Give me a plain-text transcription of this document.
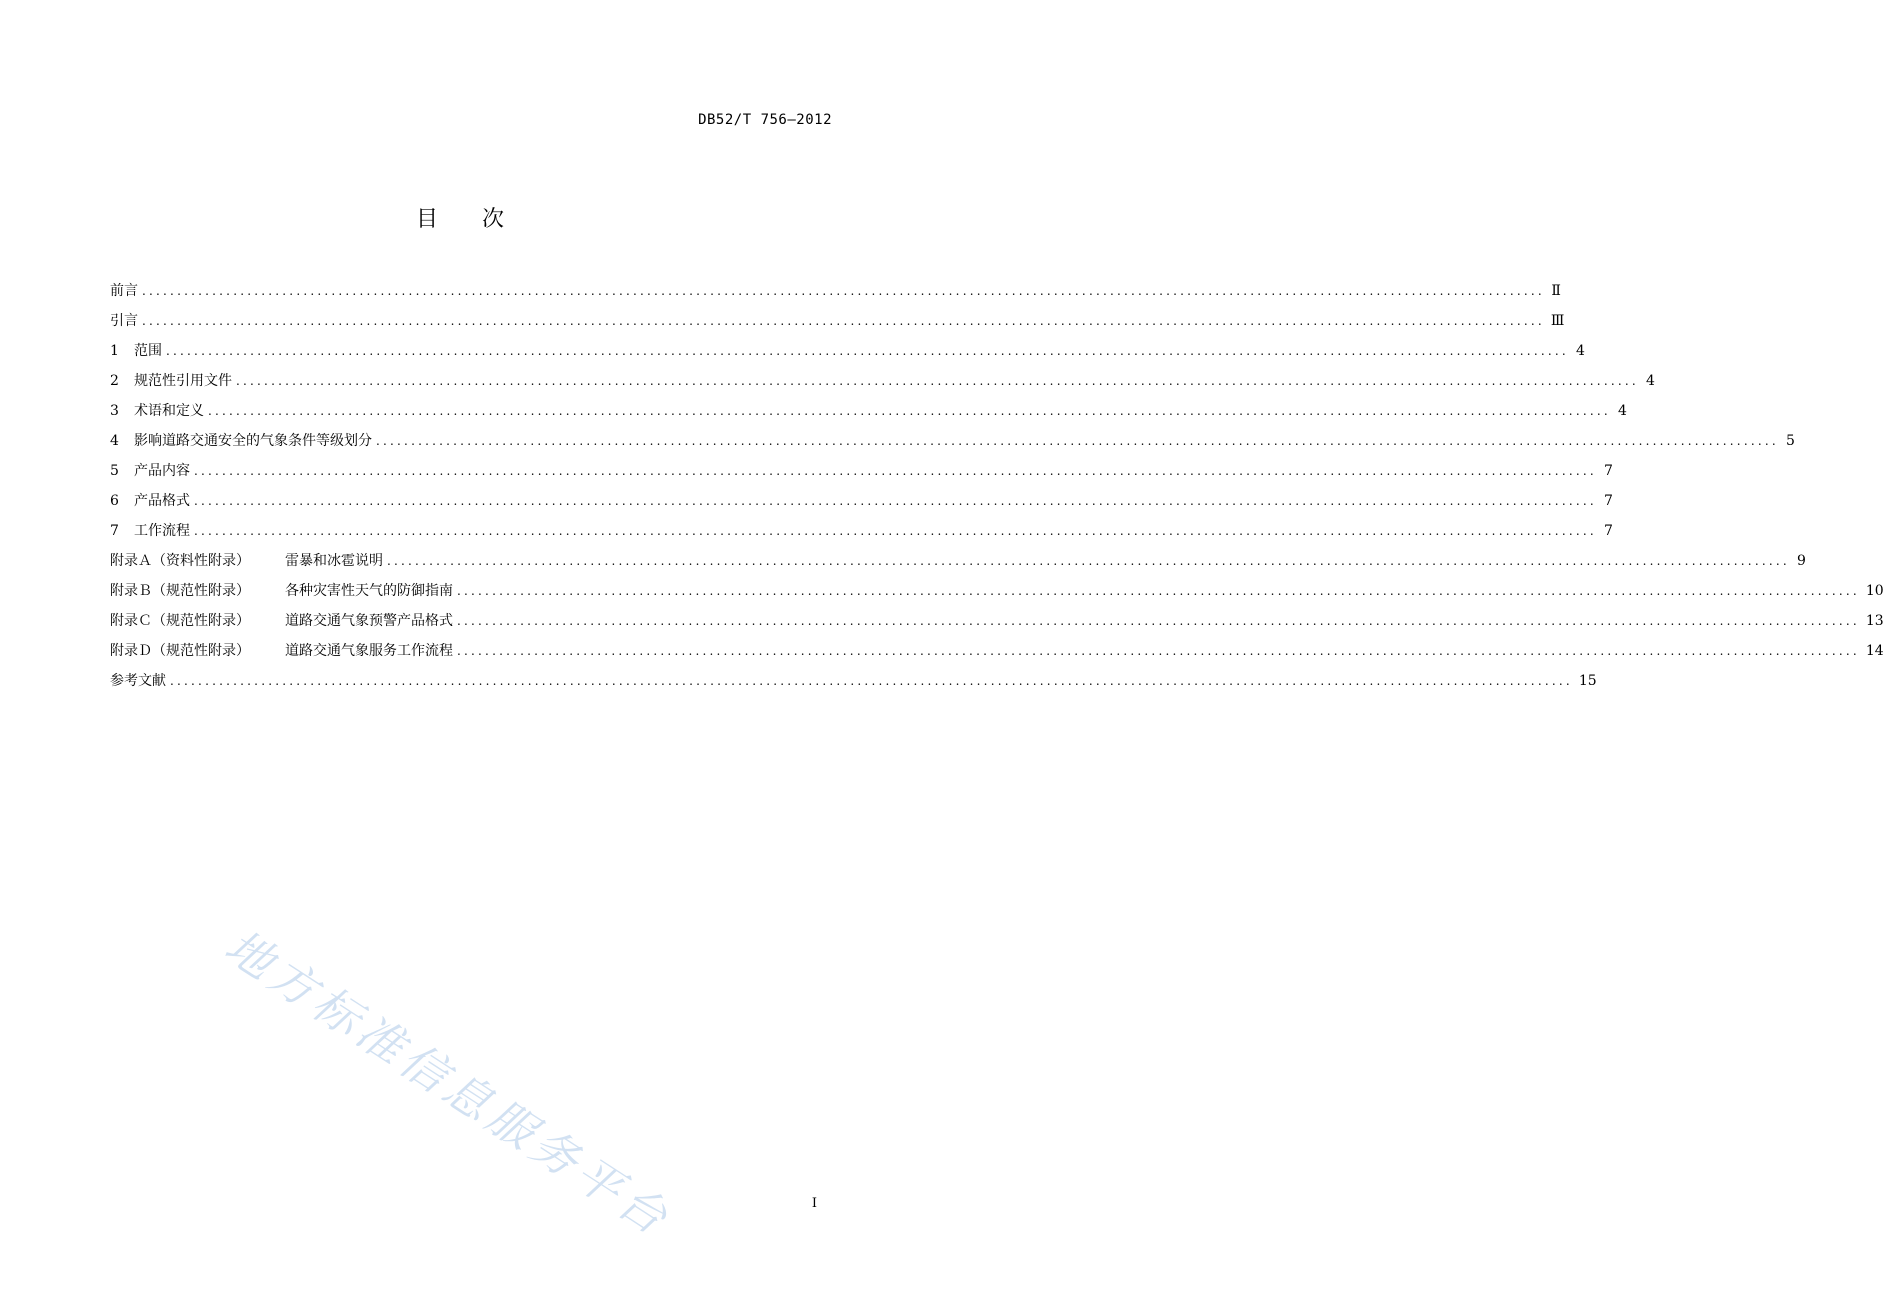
DB52/T 756—2012
目 次
前言 ........................................................................................................................................................................................................ Ⅱ
引言 ........................................................................................................................................................................................................ Ⅲ
1	范围 ........................................................................................................................................................................................................ 4
2	规范性引用文件 ........................................................................................................................................................................................................ 4
3	术语和定义 ........................................................................................................................................................................................................ 4
4	影响道路交通安全的气象条件等级划分 ........................................................................................................................................................................................................ 5
5	产品内容 ........................................................................................................................................................................................................ 7
6	产品格式 ........................................................................................................................................................................................................ 7
7	工作流程 ........................................................................................................................................................................................................ 7
附录Ａ（资料性附录）	雷暴和冰雹说明 ........................................................................................................................................................................................................ 9
附录Ｂ（规范性附录）	各种灾害性天气的防御指南 ........................................................................................................................................................................................................ 10
附录Ｃ（规范性附录）	道路交通气象预警产品格式 ........................................................................................................................................................................................................ 13
附录Ｄ（规范性附录）	道路交通气象服务工作流程 ........................................................................................................................................................................................................ 14
参考文献 ........................................................................................................................................................................................................ 15
地方标准信息服务平台	I
